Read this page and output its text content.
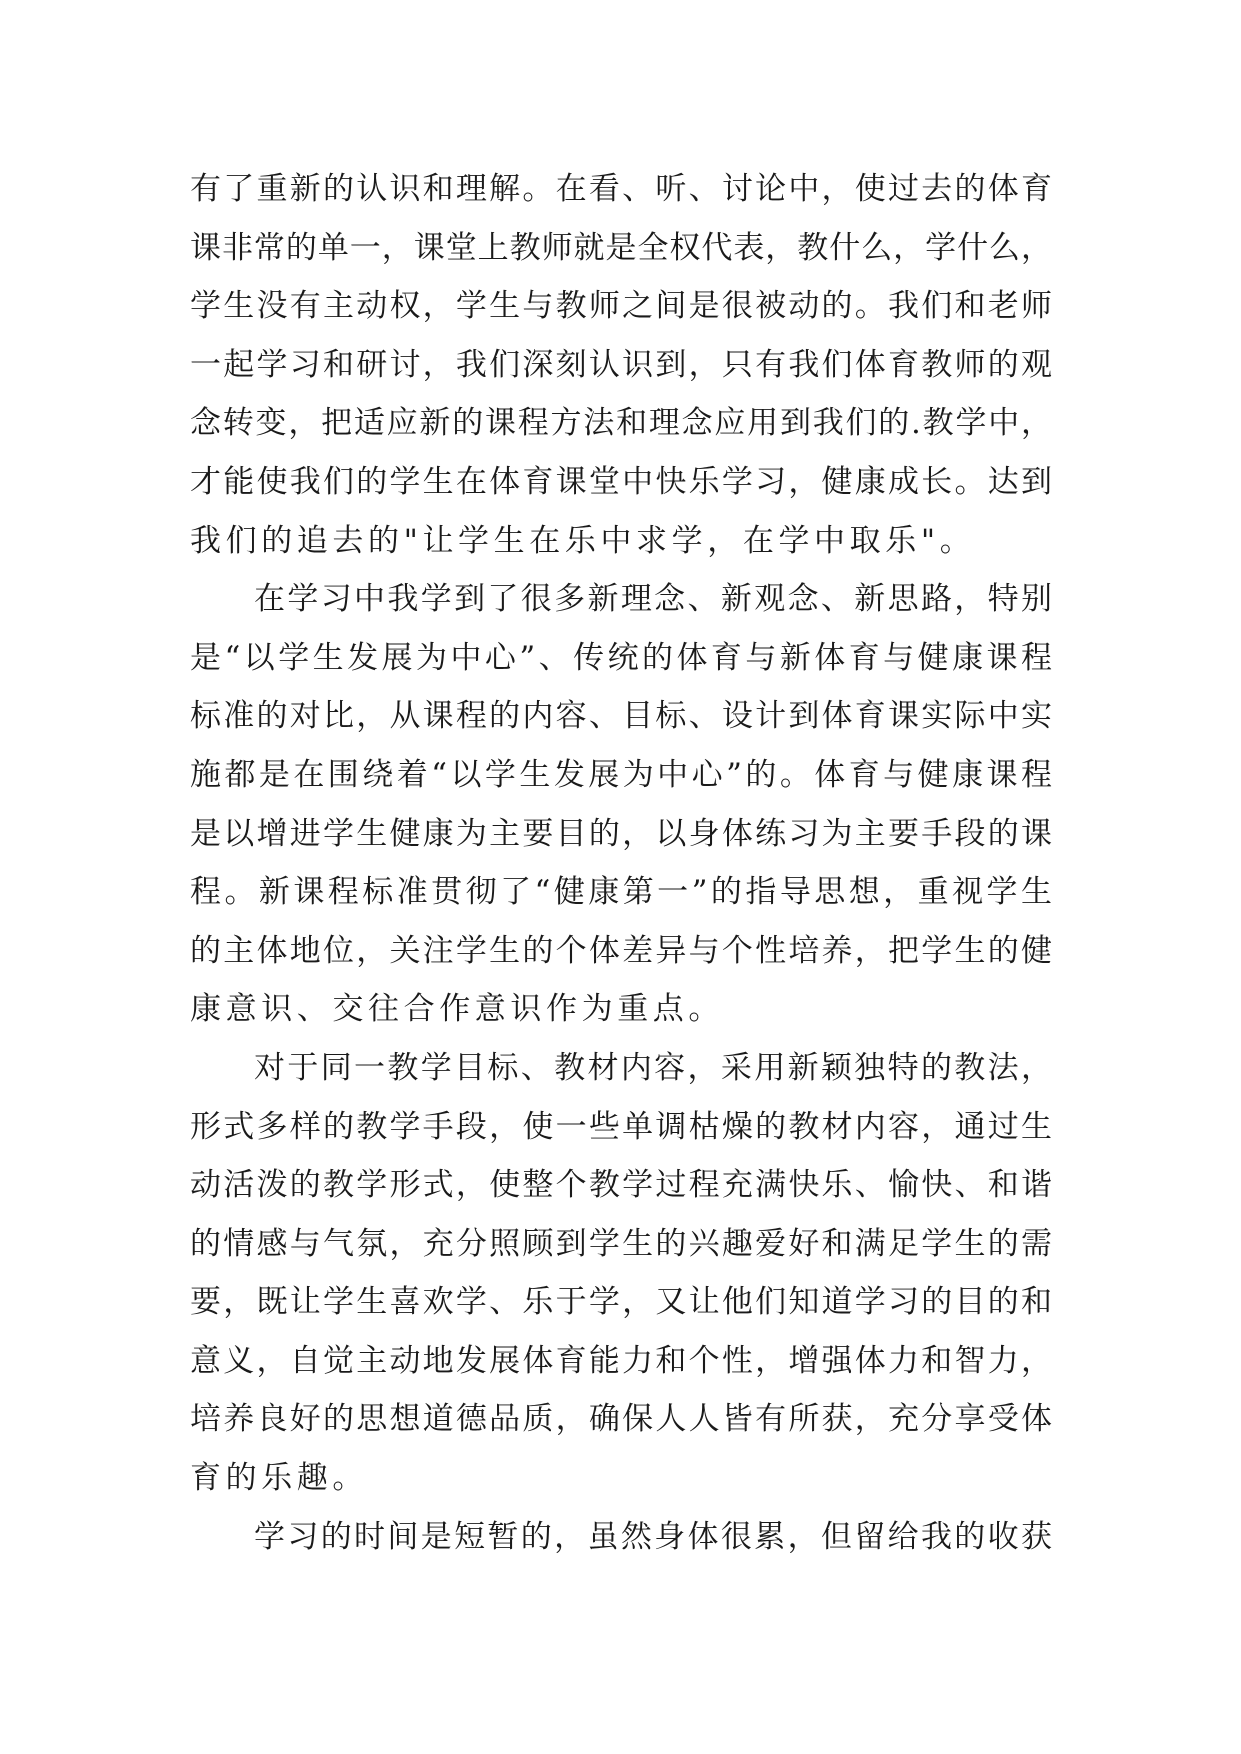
有了重新的认识和理解。在看、听、讨论中，使过去的体育
课非常的单一，课堂上教师就是全权代表，教什么，学什么，
学生没有主动权，学生与教师之间是很被动的。我们和老师
一起学习和研讨，我们深刻认识到，只有我们体育教师的观
念转变，把适应新的课程方法和理念应用到我们的.教学中，
才能使我们的学生在体育课堂中快乐学习，健康成长。达到
我们的追去的"让学生在乐中求学，在学中取乐"。
在学习中我学到了很多新理念、新观念、新思路，特别
是“以学生发展为中心”、传统的体育与新体育与健康课程
标准的对比，从课程的内容、目标、设计到体育课实际中实
施都是在围绕着“以学生发展为中心”的。体育与健康课程
是以增进学生健康为主要目的，以身体练习为主要手段的课
程。新课程标准贯彻了“健康第一”的指导思想，重视学生
的主体地位，关注学生的个体差异与个性培养，把学生的健
康意识、交往合作意识作为重点。
对于同一教学目标、教材内容，采用新颖独特的教法，
形式多样的教学手段，使一些单调枯燥的教材内容，通过生
动活泼的教学形式，使整个教学过程充满快乐、愉快、和谐
的情感与气氛，充分照顾到学生的兴趣爱好和满足学生的需
要，既让学生喜欢学、乐于学，又让他们知道学习的目的和
意义，自觉主动地发展体育能力和个性，增强体力和智力，
培养良好的思想道德品质，确保人人皆有所获，充分享受体
育的乐趣。
学习的时间是短暂的，虽然身体很累，但留给我的收获
